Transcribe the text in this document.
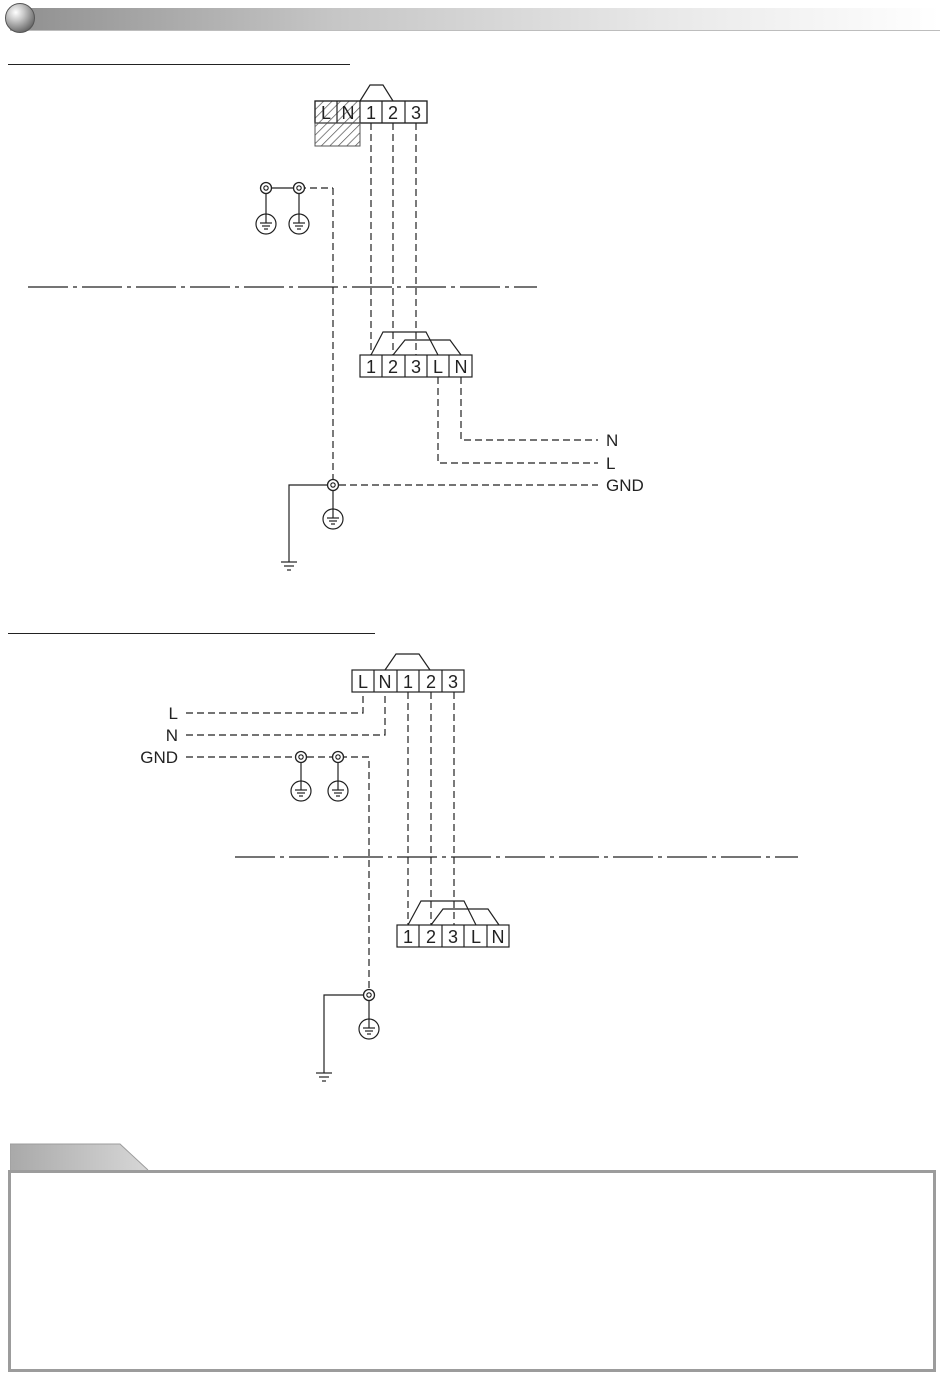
L N 1 2 3
1 2 3 L N
N
L
GND
L N 1 2 3
1 2 3 L N
L
N
GND
